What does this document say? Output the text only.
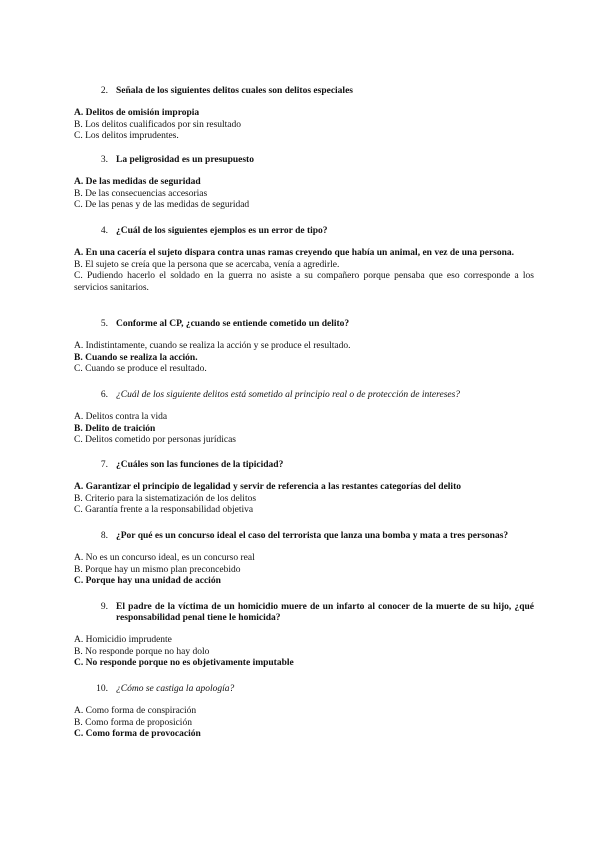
2. Señala de los siguientes delitos cuales son delitos especiales
A. Delitos de omisión impropia
B. Los delitos cualificados por sin resultado
C. Los delitos imprudentes.
3. La peligrosidad es un presupuesto
A. De las medidas de seguridad
B. De las consecuencias accesorias
C. De las penas y de las medidas de seguridad
4. ¿Cuál de los siguientes ejemplos es un error de tipo?
A. En una cacería el sujeto dispara contra unas ramas creyendo que había un animal, en vez de una persona.
B. El sujeto se creía que la persona que se acercaba, venía a agredirle.
C. Pudiendo hacerlo el soldado en la guerra no asiste a su compañero porque pensaba que eso corresponde a los servicios sanitarios.
5. Conforme al CP, ¿cuando se entiende cometido un delito?
A. Indistintamente, cuando se realiza la acción y se produce el resultado.
B. Cuando se realiza la acción.
C. Cuando se produce el resultado.
6. ¿Cuál de los siguiente delitos está sometido al principio real o de protección de intereses?
A. Delitos contra la vida
B. Delito de traición
C. Delitos cometido por personas jurídicas
7. ¿Cuáles son las funciones de la tipicidad?
A. Garantizar el principio de legalidad y servir de referencia a las restantes categorías del delito
B. Criterio para la sistematización de los delitos
C. Garantía frente a la responsabilidad objetiva
8. ¿Por qué es un concurso ideal el caso del terrorista que lanza una bomba y mata a tres personas?
A. No es un concurso ideal, es un concurso real
B. Porque hay un mismo plan preconcebido
C. Porque hay una unidad de acción
9. El padre de la víctima de un homicidio muere de un infarto al conocer de la muerte de su hijo, ¿qué responsabilidad penal tiene le homicida?
A. Homicidio imprudente
B. No responde porque no hay dolo
C. No responde porque no es objetivamente imputable
10. ¿Cómo se castiga la apología?
A. Como forma de conspiración
B. Como forma de proposición
C. Como forma de provocación
